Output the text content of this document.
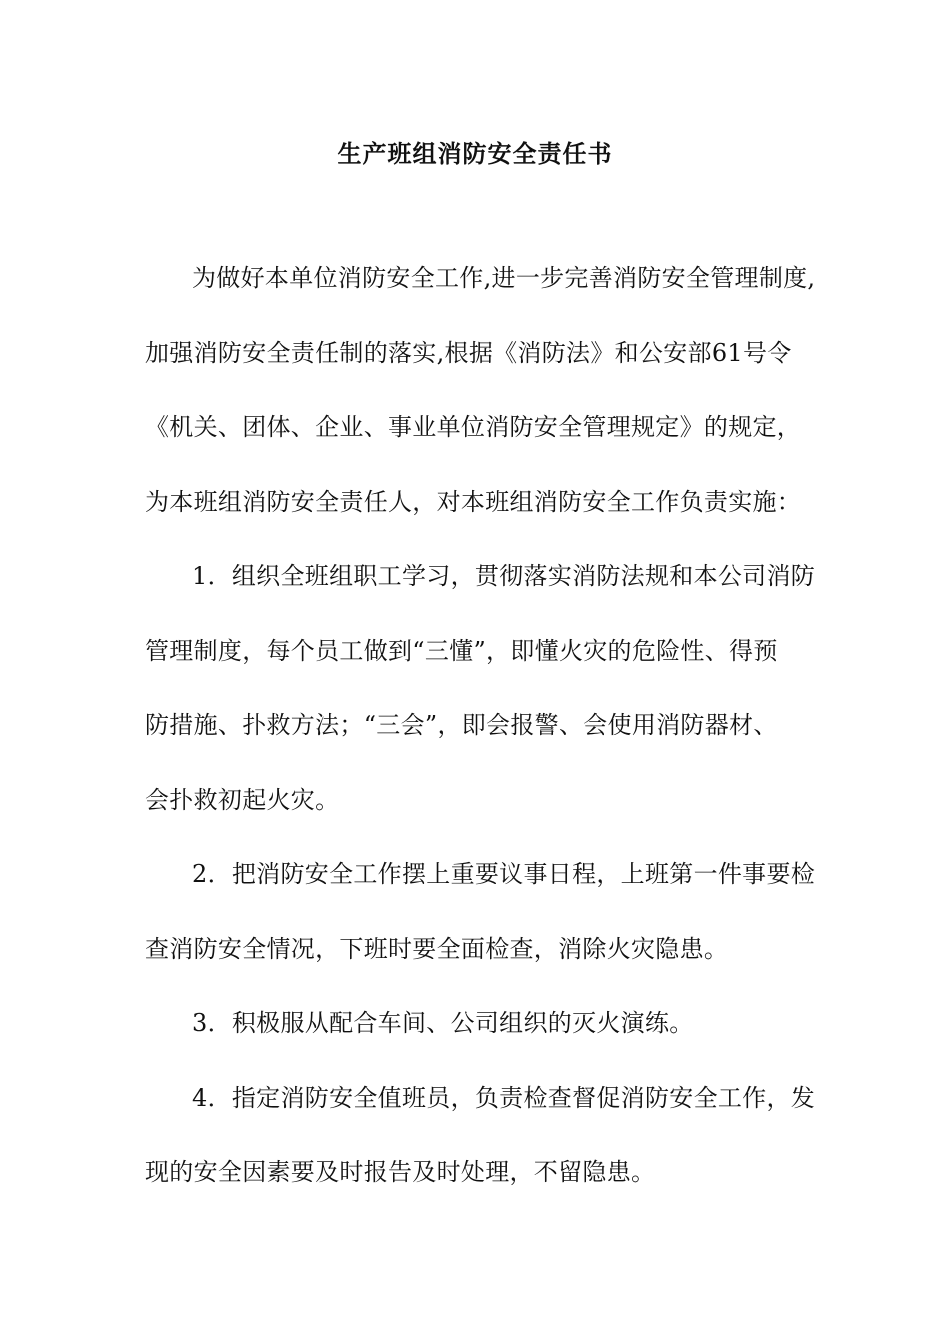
生产班组消防安全责任书

为做好本单位消防安全工作,进一步完善消防安全管理制度,

加强消防安全责任制的落实,根据《消防法》和公安部61号令

《机关、团体、企业、事业单位消防安全管理规定》的规定，

为本班组消防安全责任人，对本班组消防安全工作负责实施：

1．组织全班组职工学习，贯彻落实消防法规和本公司消防

管理制度，每个员工做到“三懂”，即懂火灾的危险性、得预

防措施、扑救方法；“三会”，即会报警、会使用消防器材、

会扑救初起火灾。

2．把消防安全工作摆上重要议事日程，上班第一件事要检

查消防安全情况，下班时要全面检查，消除火灾隐患。

3．积极服从配合车间、公司组织的灭火演练。

4．指定消防安全值班员，负责检查督促消防安全工作，发

现的安全因素要及时报告及时处理，不留隐患。
